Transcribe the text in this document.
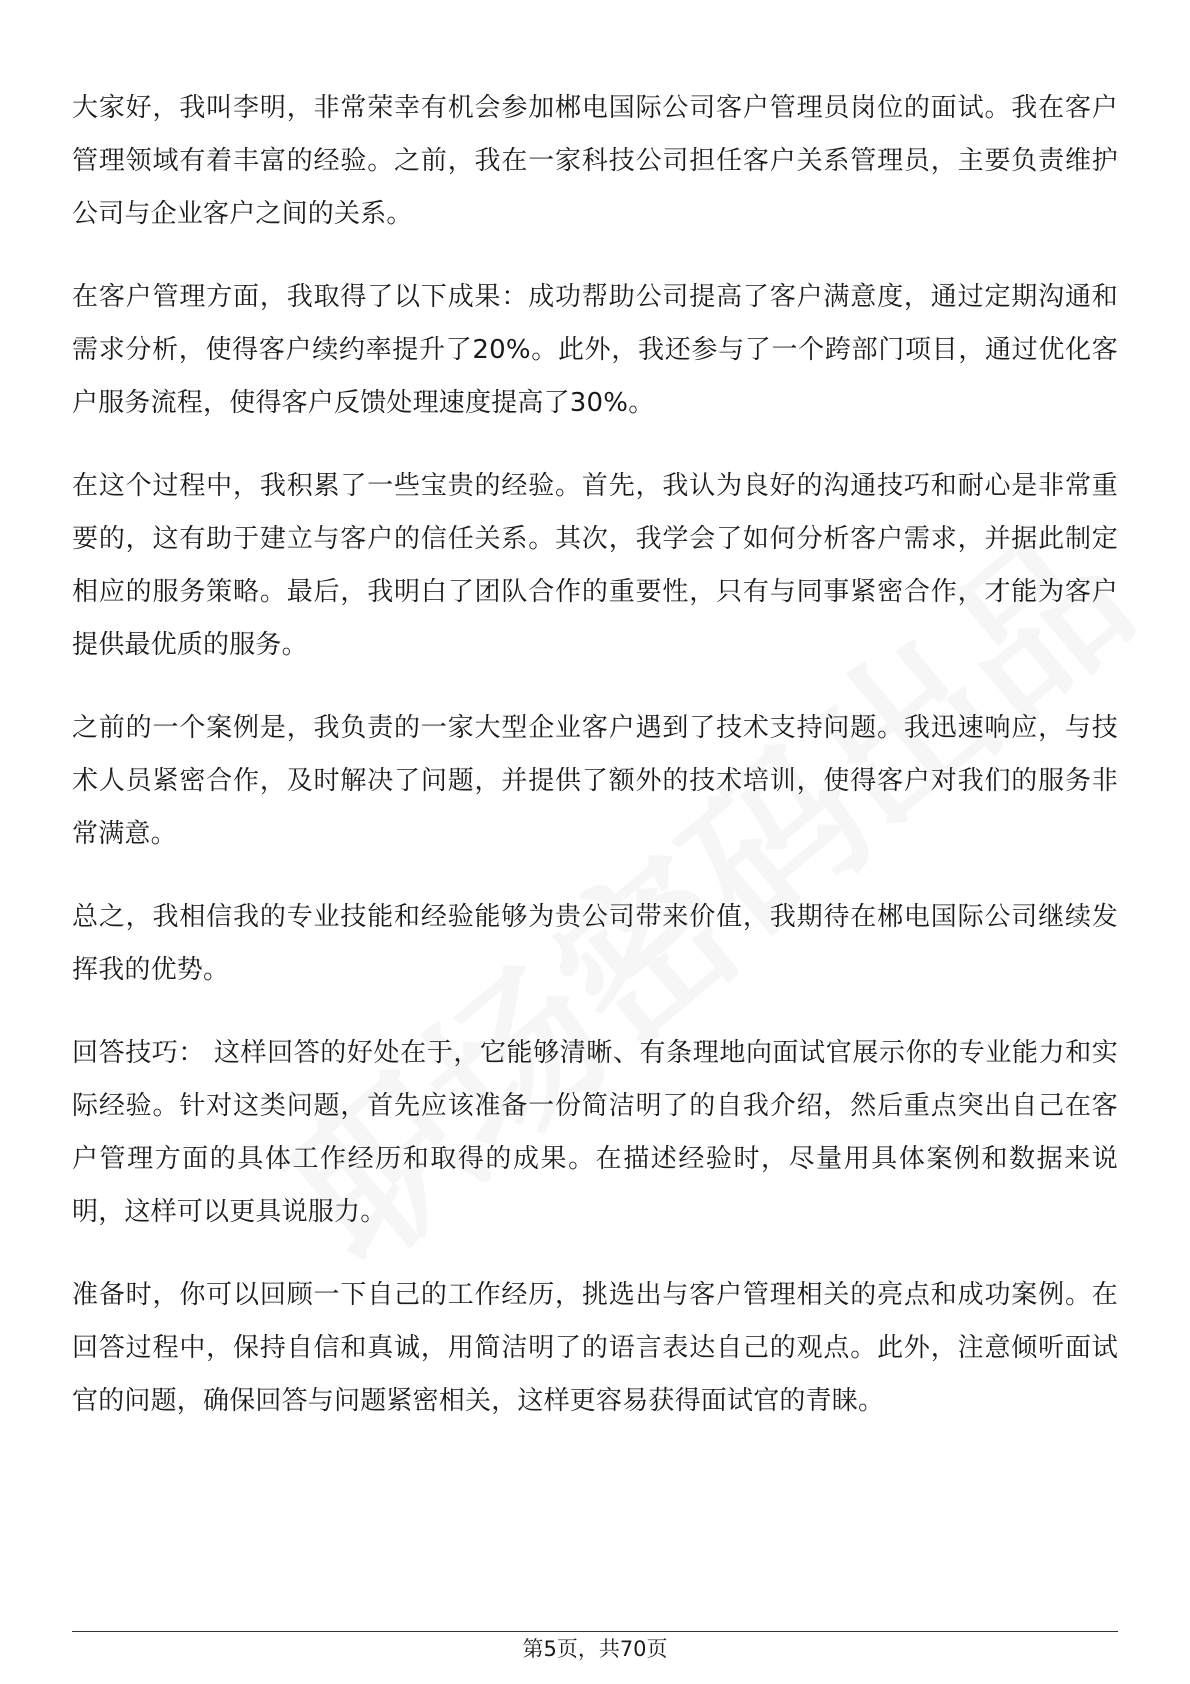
大家好，我叫李明，非常荣幸有机会参加郴电国际公司客户管理员岗位的面试。我在客户管理领域有着丰富的经验。之前，我在一家科技公司担任客户关系管理员，主要负责维护公司与企业客户之间的关系。

在客户管理方面，我取得了以下成果：成功帮助公司提高了客户满意度，通过定期沟通和需求分析，使得客户续约率提升了20%。此外，我还参与了一个跨部门项目，通过优化客户服务流程，使得客户反馈处理速度提高了30%。

在这个过程中，我积累了一些宝贵的经验。首先，我认为良好的沟通技巧和耐心是非常重要的，这有助于建立与客户的信任关系。其次，我学会了如何分析客户需求，并据此制定相应的服务策略。最后，我明白了团队合作的重要性，只有与同事紧密合作，才能为客户提供最优质的服务。

之前的一个案例是，我负责的一家大型企业客户遇到了技术支持问题。我迅速响应，与技术人员紧密合作，及时解决了问题，并提供了额外的技术培训，使得客户对我们的服务非常满意。

总之，我相信我的专业技能和经验能够为贵公司带来价值，我期待在郴电国际公司继续发挥我的优势。

回答技巧： 这样回答的好处在于，它能够清晰、有条理地向面试官展示你的专业能力和实际经验。针对这类问题，首先应该准备一份简洁明了的自我介绍，然后重点突出自己在客户管理方面的具体工作经历和取得的成果。在描述经验时，尽量用具体案例和数据来说明，这样可以更具说服力。

准备时，你可以回顾一下自己的工作经历，挑选出与客户管理相关的亮点和成功案例。在回答过程中，保持自信和真诚，用简洁明了的语言表达自己的观点。此外，注意倾听面试官的问题，确保回答与问题紧密相关，这样更容易获得面试官的青睐。

第5页，共70页
